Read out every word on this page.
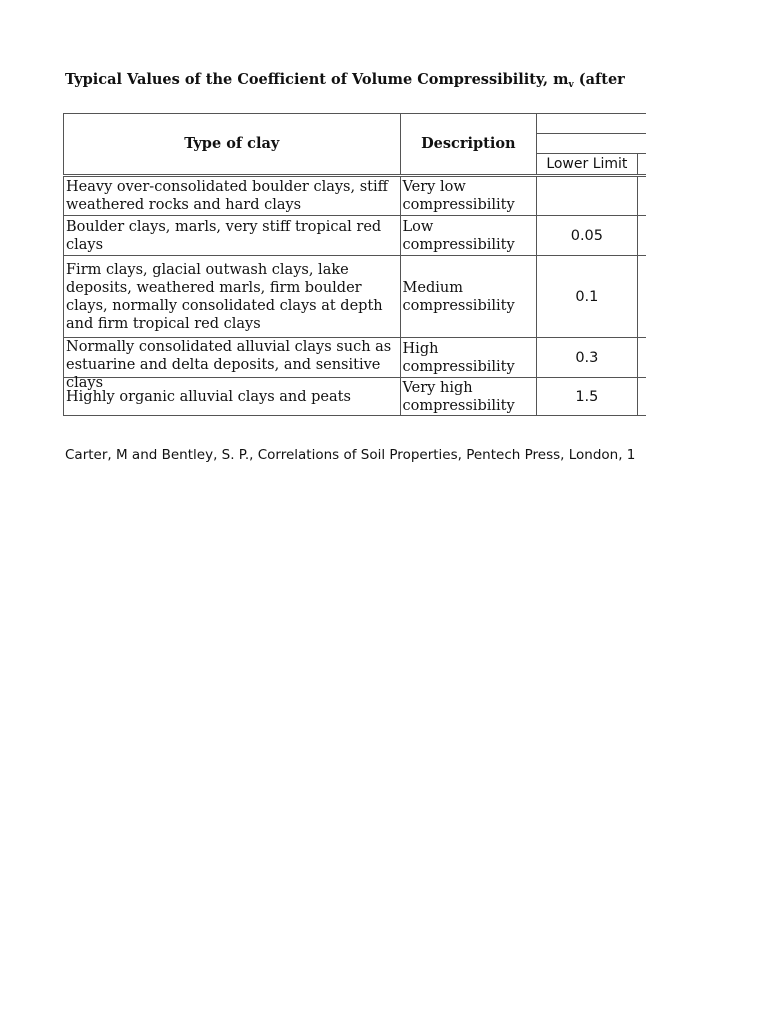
Typical Values of the Coefficient of Volume Compressibility, $m_v$ (after
Type of clay	Description		

		Lower Limit	
Heavy over-consolidated boulder clays, stiff weathered rocks and hard clays	Very low compressibility		
Boulder clays, marls, very stiff tropical red clays	Low compressibility	0.05	
Firm clays, glacial outwash clays, lake deposits, weathered marls, firm boulder clays, normally consolidated clays at depth and firm tropical red clays	Medium compressibility	0.1	

Normally consolidated alluvial clays such as estuarine and delta deposits, and sensitive clays	High compressibility	0.3	
Highly organic alluvial clays and peats	Very high compressibility	1.5	
Carter, M and Bentley, S. P., Correlations of Soil Properties, Pentech Press, London, 1
